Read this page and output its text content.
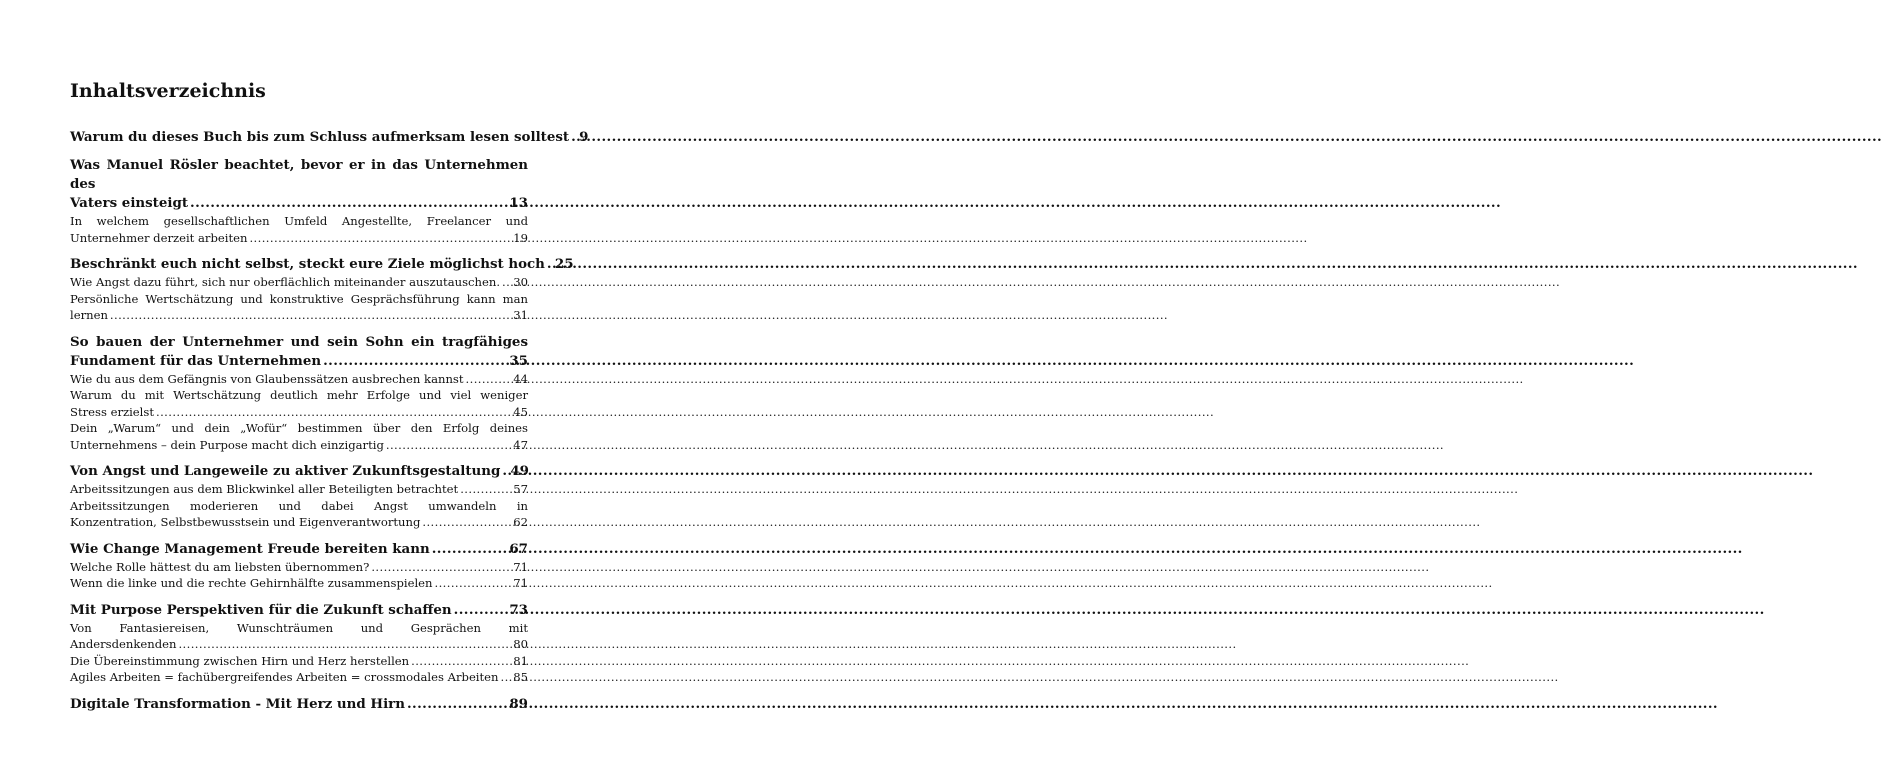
Inhaltsverzeichnis
Warum du dieses Buch bis zum Schluss aufmerksam lesen solltest ..... 9
Was Manuel Rösler beachtet, bevor er in das Unternehmen des
Vaters einsteigt .....	13
In welchem gesellschaftlichen Umfeld Angestellte, Freelancer und
Unternehmer derzeit arbeiten .....	19
Beschränkt euch nicht selbst, steckt eure Ziele möglichst hoch ..... 25
Wie Angst dazu führt, sich nur oberflächlich miteinander auszutauschen. ..... 30
Persönliche Wertschätzung und konstruktive Gesprächsführung kann man
lernen .....	31
So bauen der Unternehmer und sein Sohn ein tragfähiges
Fundament für das Unternehmen .....	35
Wie du aus dem Gefängnis von Glaubenssätzen ausbrechen kannst .....	44
Warum du mit Wertschätzung deutlich mehr Erfolge und viel weniger
Stress erzielst .....	45
Dein „Warum“ und dein „Wofür“ bestimmen über den Erfolg deines
Unternehmens – dein Purpose macht dich einzigartig .....	47
Von Angst und Langeweile zu aktiver Zukunftsgestaltung ..... 49
Arbeitssitzungen aus dem Blickwinkel aller Beteiligten betrachtet .....	57
Arbeitssitzungen moderieren und dabei Angst umwandeln in
Konzentration, Selbstbewusstsein und Eigenverantwortung .....	62
Wie Change Management Freude bereiten kann .....	67
Welche Rolle hättest du am liebsten übernommen? .....	71
Wenn die linke und die rechte Gehirnhälfte zusammenspielen .....	71
Mit Purpose Perspektiven für die Zukunft schaffen .....	73
Von Fantasiereisen, Wunschträumen und Gesprächen mit
Andersdenkenden .....	80
Die Übereinstimmung zwischen Hirn und Herz herstellen .....	81
Agiles Arbeiten = fachübergreifendes Arbeiten = crossmodales Arbeiten ..... 85
Digitale Transformation - Mit Herz und Hirn .....	89
